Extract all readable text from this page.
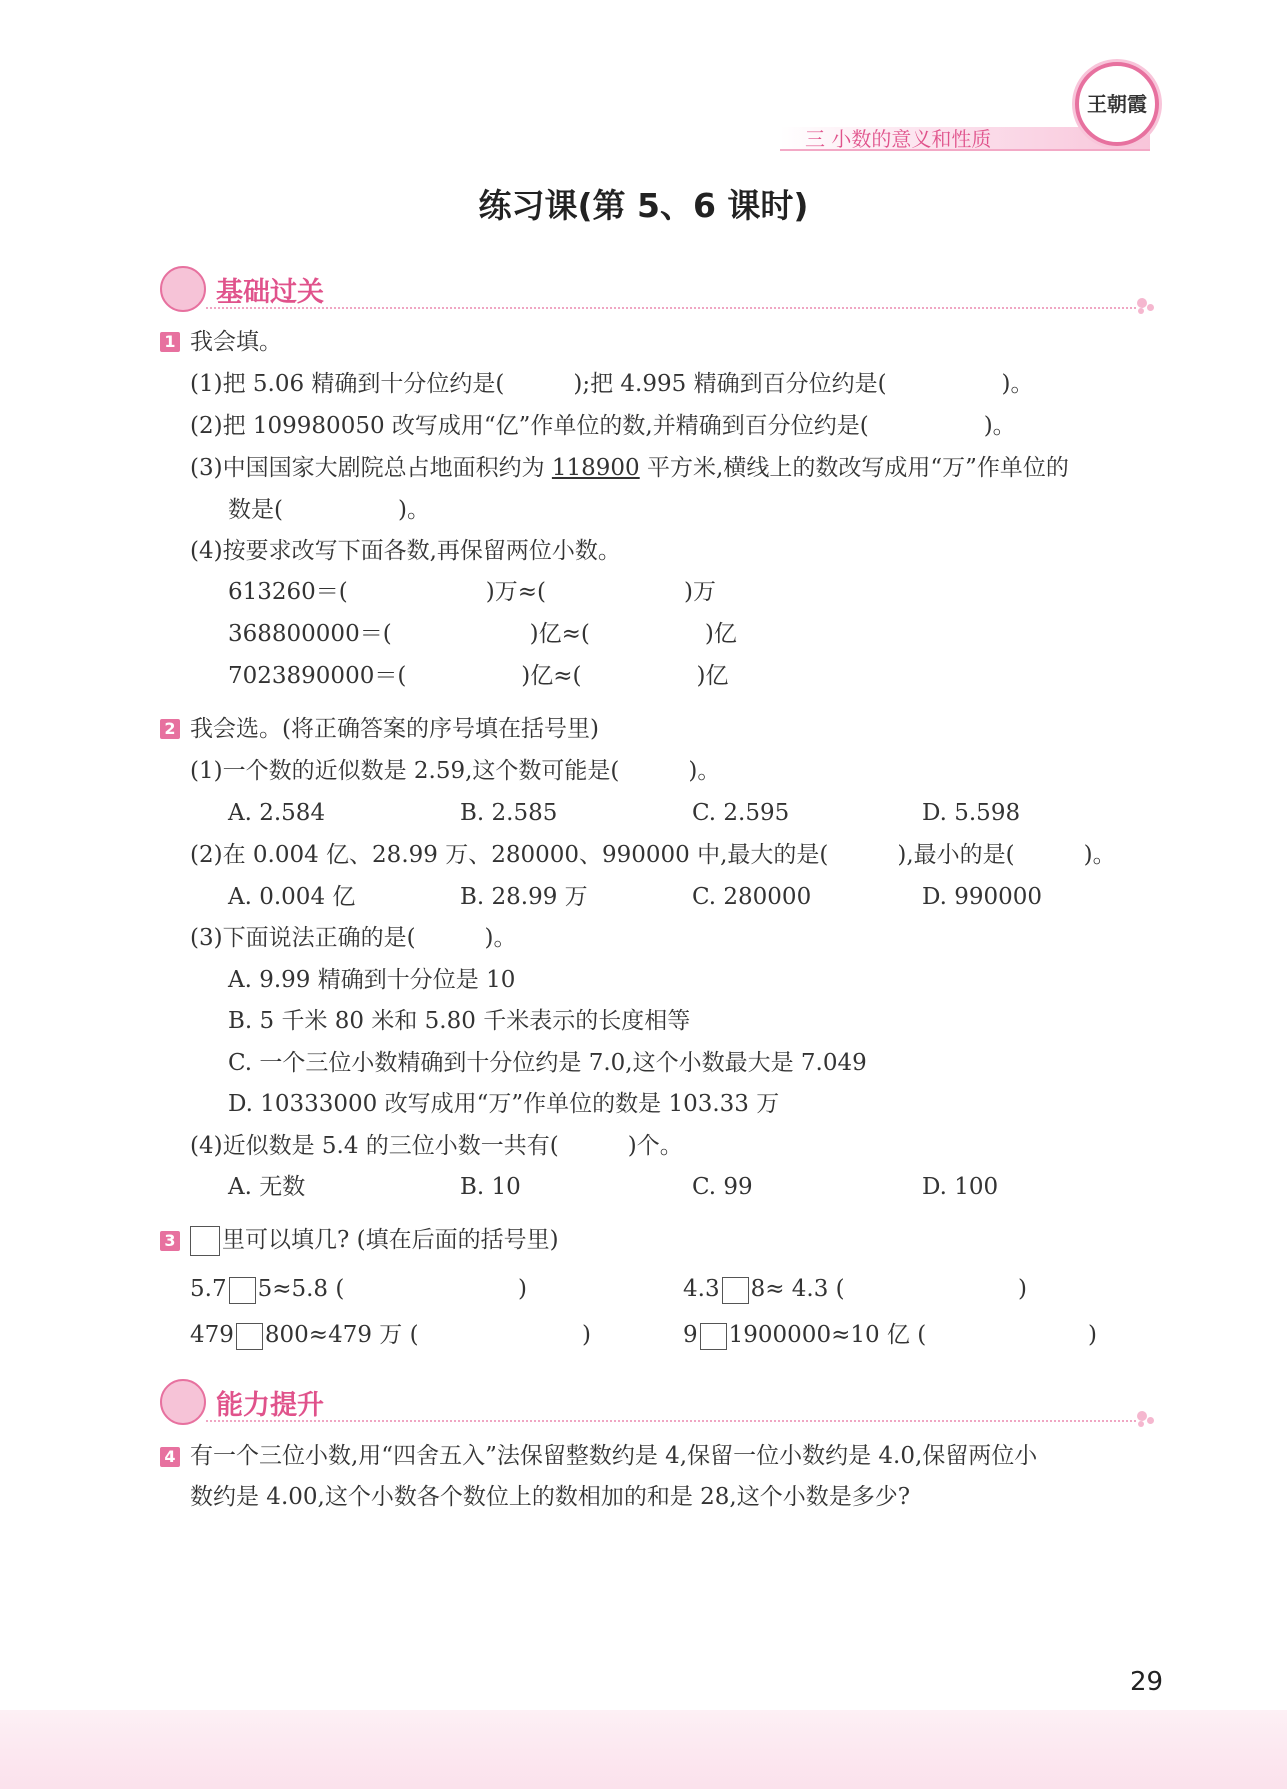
三 小数的意义和性质
王朝霞
练习课(第 5、6 课时)
基础过关
1 我会填。
(1)把 5.06 精确到十分位约是(　　　);把 4.995 精确到百分位约是(　　　　　)。
(2)把 109980050 改写成用“亿”作单位的数,并精确到百分位约是(　　　　　)。
(3)中国国家大剧院总占地面积约为 118900 平方米,横线上的数改写成用“万”作单位的
数是(　　　　　)。
(4)按要求改写下面各数,再保留两位小数。
613260＝(　　　　　　)万≈(　　　　　　)万
368800000＝(　　　　　　)亿≈(　　　　　)亿
7023890000＝(　　　　　)亿≈(　　　　　)亿
2 我会选。(将正确答案的序号填在括号里)
(1)一个数的近似数是 2.59,这个数可能是(　　　)。
A. 2.584	B. 2.585	C. 2.595	D. 5.598
(2)在 0.004 亿、28.99 万、280000、990000 中,最大的是(　　　),最小的是(　　　)。
A. 0.004 亿	B. 28.99 万	C. 280000	D. 990000
(3)下面说法正确的是(　　　)。
A. 9.99 精确到十分位是 10
B. 5 千米 80 米和 5.80 千米表示的长度相等
C. 一个三位小数精确到十分位约是 7.0,这个小数最大是 7.049
D. 10333000 改写成用“万”作单位的数是 103.33 万
(4)近似数是 5.4 的三位小数一共有(　　　)个。
A. 无数	B. 10	C. 99	D. 100
3	里可以填几? (填在后面的括号里)
5.7 5≈5.8 (	)	4.3 8≈ 4.3 (	)
479 800≈479 万 (	)	9 1900000≈10 亿 (	)
能力提升
4 有一个三位小数,用“四舍五入”法保留整数约是 4,保留一位小数约是 4.0,保留两位小
数约是 4.00,这个小数各个数位上的数相加的和是 28,这个小数是多少?
29
